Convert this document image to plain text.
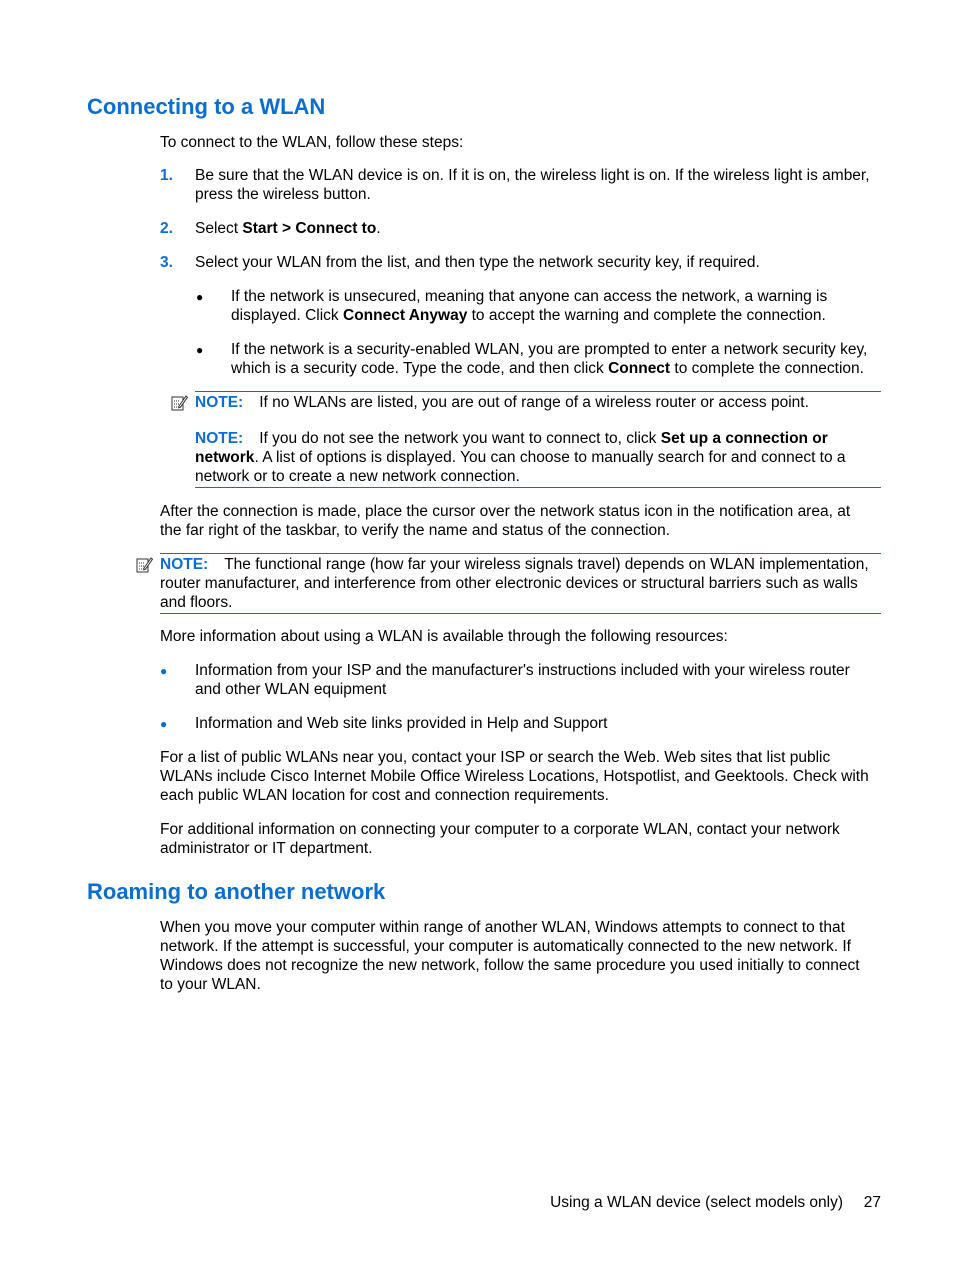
Connecting to a WLAN
To connect to the WLAN, follow these steps:
1. Be sure that the WLAN device is on. If it is on, the wireless light is on. If the wireless light is amber,
press the wireless button.
2. Select Start > Connect to.
3. Select your WLAN from the list, and then type the network security key, if required.
● If the network is unsecured, meaning that anyone can access the network, a warning is
displayed. Click Connect Anyway to accept the warning and complete the connection.
● If the network is a security-enabled WLAN, you are prompted to enter a network security key,
which is a security code. Type the code, and then click Connect to complete the connection.
NOTE: If no WLANs are listed, you are out of range of a wireless router or access point.
NOTE: If you do not see the network you want to connect to, click Set up a connection or
network. A list of options is displayed. You can choose to manually search for and connect to a
network or to create a new network connection.
After the connection is made, place the cursor over the network status icon in the notification area, at
the far right of the taskbar, to verify the name and status of the connection.
NOTE: The functional range (how far your wireless signals travel) depends on WLAN implementation,
router manufacturer, and interference from other electronic devices or structural barriers such as walls
and floors.
More information about using a WLAN is available through the following resources:
● Information from your ISP and the manufacturer's instructions included with your wireless router
and other WLAN equipment
● Information and Web site links provided in Help and Support
For a list of public WLANs near you, contact your ISP or search the Web. Web sites that list public
WLANs include Cisco Internet Mobile Office Wireless Locations, Hotspotlist, and Geektools. Check with
each public WLAN location for cost and connection requirements.
For additional information on connecting your computer to a corporate WLAN, contact your network
administrator or IT department.
Roaming to another network
When you move your computer within range of another WLAN, Windows attempts to connect to that
network. If the attempt is successful, your computer is automatically connected to the new network. If
Windows does not recognize the new network, follow the same procedure you used initially to connect
to your WLAN.
Using a WLAN device (select models only) 27
